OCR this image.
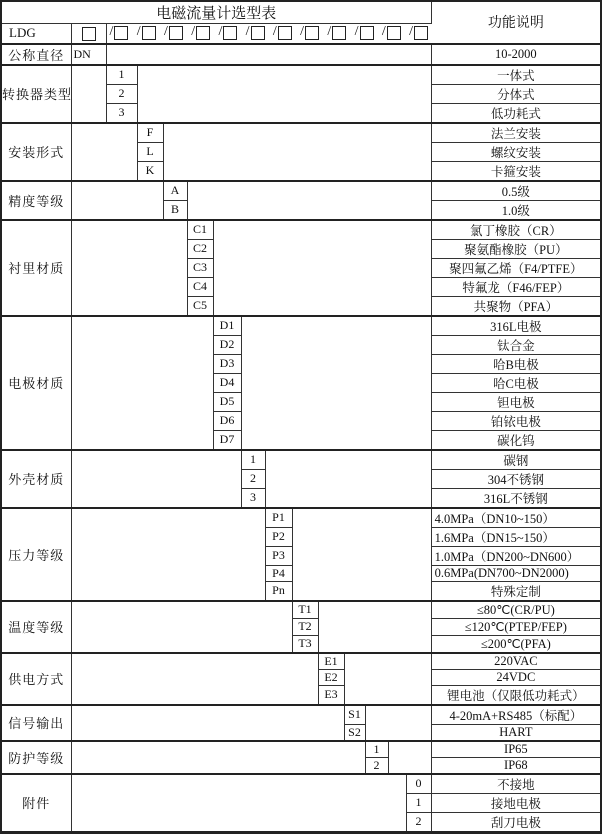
电磁流量计选型表															功能说明
LDG		/ / / / / / / / / / / /

公称直径	DN														10-2000
转换器类型		1													一体式
		2													分体式
		3													低功耗式
安装形式			F												法兰安装
			L												螺纹安装
			K												卡箍安装
精度等级				A											0.5级
				B											1.0级
衬里材质					C1										氯丁橡胶（CR）
					C2										聚氨酯橡胶（PU）
					C3										聚四氟乙烯（F4/PTFE）
					C4										特氟龙（F46/FEP）
					C5										共聚物（PFA）
电极材质						D1									316L电极
						D2									钛合金
						D3									哈B电极
						D4									哈C电极
						D5									钽电极
						D6									铂铱电极
						D7									碳化钨
外壳材质							1								碳钢
							2								304不锈钢
							3								316L不锈钢
压力等级								P1							4.0MPa（DN10~150）
								P2							1.6MPa（DN15~150）
								P3							1.0MPa（DN200~DN600）
								P4							0.6MPa(DN700~DN2000)
								Pn							特殊定制
温度等级									T1						≤80℃(CR/PU)
									T2						≤120℃(PTEP/FEP)
									T3						≤200℃(PFA)
供电方式										E1					220VAC
										E2					24VDC
										E3					锂电池（仅限低功耗式）
信号输出											S1				4-20mA+RS485（标配）
											S2				HART
防护等级												1			IP65
												2			IP68
附件														0	不接地
														1	接地电极
														2	刮刀电极
